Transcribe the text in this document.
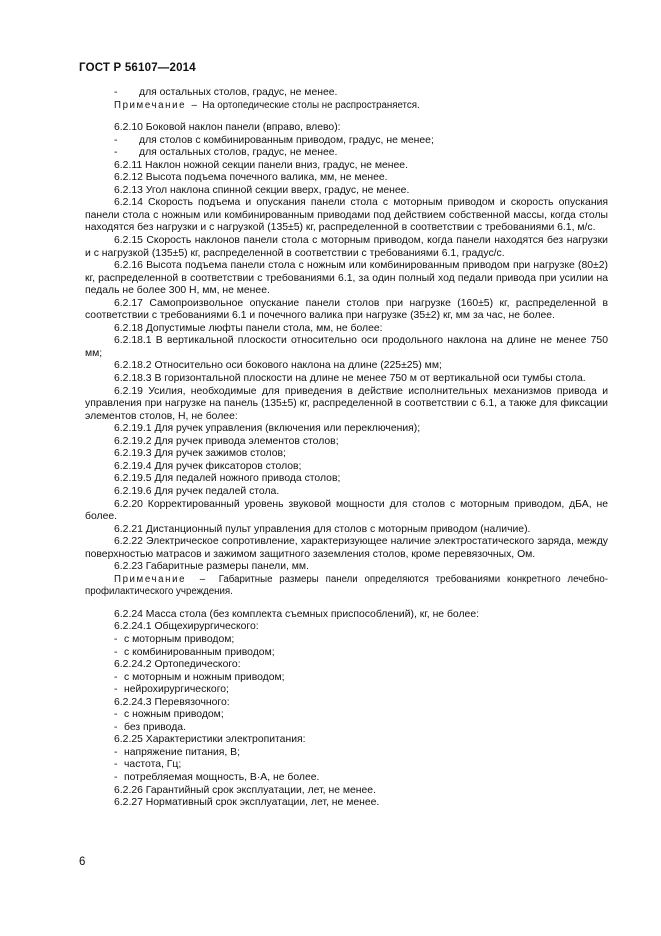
ГОСТ Р 56107—2014
-	для остальных столов, градус, не менее.

Примечание – На ортопедические столы не распространяется.

6.2.10 Боковой наклон панели (вправо, влево):

-	для столов с комбинированным приводом, градус, не менее;
-	для остальных столов, градус, не менее.

6.2.11 Наклон ножной секции панели вниз, градус, не менее.

6.2.12 Высота подъема почечного валика, мм, не менее.

6.2.13 Угол наклона спинной секции вверх, градус, не менее.

6.2.14 Скорость подъема и опускания панели стола с моторным приводом и скорость опускания панели стола с ножным или комбинированным приводами под действием собственной массы, когда столы находятся без нагрузки и с нагрузкой (135±5) кг, распределенной в соответствии с требованиями 6.1, м/с.

6.2.15 Скорость наклонов панели стола с моторным приводом, когда панели находятся без нагрузки и с нагрузкой (135±5) кг, распределенной в соответствии с требованиями 6.1, градус/с.

6.2.16 Высота подъема панели стола с ножным или комбинированным приводом при нагрузке (80±2) кг, распределенной в соответствии с требованиями 6.1, за один полный ход педали привода при усилии на педаль не более 300 Н, мм, не менее.

6.2.17 Самопроизвольное опускание панели столов при нагрузке (160±5) кг, распределенной в соответствии с требованиями 6.1 и почечного валика при нагрузке (35±2) кг, мм за час, не более.

6.2.18 Допустимые люфты панели стола, мм, не более:

6.2.18.1 В вертикальной плоскости относительно оси продольного наклона на длине не менее 750 мм;

6.2.18.2 Относительно оси бокового наклона на длине (225±25) мм;

6.2.18.3 В горизонтальной плоскости на длине не менее 750 м от вертикальной оси тумбы стола.

6.2.19 Усилия, необходимые для приведения в действие исполнительных механизмов привода и управления при нагрузке на панель (135±5) кг, распределенной в соответствии с 6.1, а также для фиксации элементов столов, Н, не более:

6.2.19.1 Для ручек управления (включения или переключения);

6.2.19.2 Для ручек привода элементов столов;

6.2.19.3 Для ручек зажимов столов;

6.2.19.4 Для ручек фиксаторов столов;

6.2.19.5 Для педалей ножного привода столов;

6.2.19.6 Для ручек педалей стола.

6.2.20 Корректированный уровень звуковой мощности для столов с моторным приводом, дБА, не более.

6.2.21 Дистанционный пульт управления для столов с моторным приводом (наличие).

6.2.22 Электрическое сопротивление, характеризующее наличие электростатического заряда, между поверхностью матрасов и зажимом защитного заземления столов, кроме перевязочных, Ом.

6.2.23 Габаритные размеры панели, мм.

Примечание – Габаритные размеры панели определяются требованиями конкретного лечебно-профилактического учреждения.

6.2.24 Масса стола (без комплекта съемных приспособлений), кг, не более:

6.2.24.1 Общехирургического:

- с моторным приводом;
- с комбинированным приводом;

6.2.24.2 Ортопедического:

- с моторным и ножным приводом;
- нейрохирургического;

6.2.24.3 Перевязочного:

- с ножным приводом;
- без привода.

6.2.25 Характеристики электропитания:

- напряжение питания, В;
- частота, Гц;
- потребляемая мощность, В·А, не более.

6.2.26 Гарантийный срок эксплуатации, лет, не менее.

6.2.27 Нормативный срок эксплуатации, лет, не менее.

6
